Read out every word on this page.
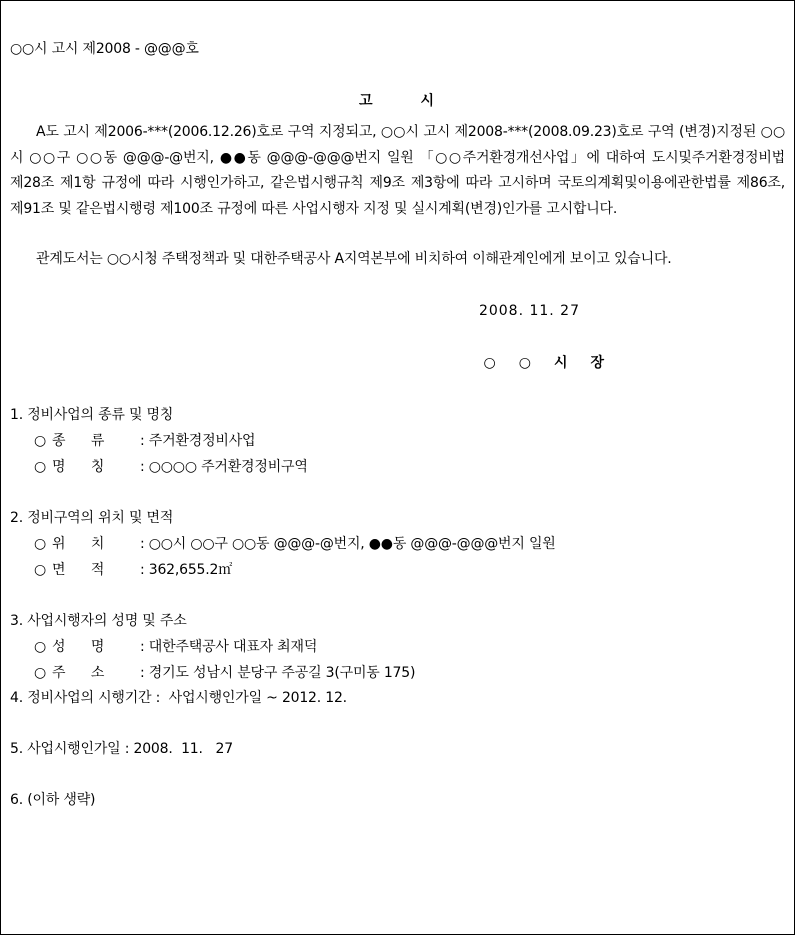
○○시 고시 제2008 - @@@호
고	시

A도 고시 제2006-***(2006.12.26)호로 구역 지정되고, ○○시 고시 제2008-***(2008.09.23)호로 구역 (변경)지정된 ○○시 ○○구 ○○동 @@@-@번지, ●●동 @@@-@@@번지 일원 「○○주거환경개선사업」에 대하여 도시및주거환경정비법 제28조 제1항 규정에 따라 시행인가하고, 같은법시행규칙 제9조 제3항에 따라 고시하며 국토의계획및이용에관한법률 제86조, 제91조 및 같은법시행령 제100조 규정에 따른 사업시행자 지정 및 실시계획(변경)인가를 고시합니다.

관계도서는 ○○시청 주택정책과 및 대한주택공사 A지역본부에 비치하여 이해관계인에게 보이고 있습니다.

2008. 11. 27
○ ○ 시 장
1. 정비사업의 종류 및 명칭
○ 종      류	: 주거환경정비사업
○ 명      칭	: ○○○○ 주거환경정비구역
2. 정비구역의 위치 및 면적
○ 위      치	: ○○시 ○○구 ○○동 @@@-@번지, ●●동 @@@-@@@번지 일원
○ 면      적	: 362,655.2㎡
3. 사업시행자의 성명 및 주소
○ 성      명	: 대한주택공사 대표자 최재덕
○ 주      소	: 경기도 성남시 분당구 주공길 3(구미동 175)
4. 정비사업의 시행기간 :  사업시행인가일 ~ 2012. 12.
5. 사업시행인가일 : 2008.  11.   27
6. (이하 생략)
